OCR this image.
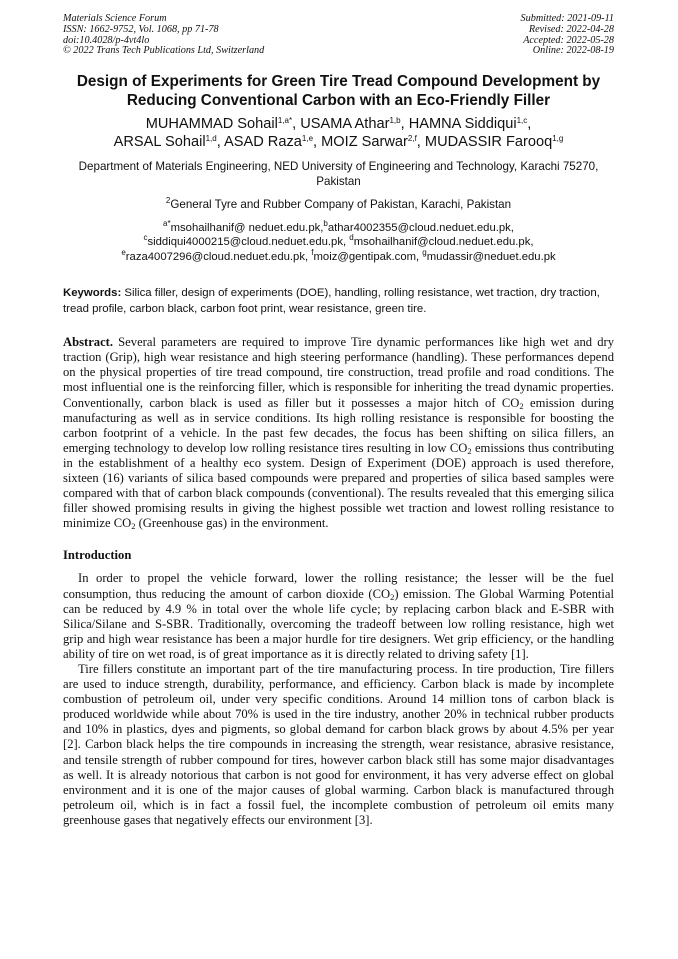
Materials Science Forum
ISSN: 1662-9752, Vol. 1068, pp 71-78
doi:10.4028/p-4vt4lo
© 2022 Trans Tech Publications Ltd, Switzerland
Submitted: 2021-09-11
Revised: 2022-04-28
Accepted: 2022-05-28
Online: 2022-08-19
Design of Experiments for Green Tire Tread Compound Development by
Reducing Conventional Carbon with an Eco-Friendly Filler
MUHAMMAD Sohail$^{1,a*}$, USAMA Athar$^{1,b}$, HAMNA Siddiqui$^{1,c}$,
ARSAL Sohail$^{1,d}$, ASAD Raza$^{1,e}$, MOIZ Sarwar$^{2,f}$, MUDASSIR Farooq$^{1,g}$
Department of Materials Engineering, NED University of Engineering and Technology, Karachi 75270, Pakistan
$^2$General Tyre and Rubber Company of Pakistan, Karachi, Pakistan
$^{a*}$msohailhanif@ neduet.edu.pk,$^b$athar4002355@cloud.neduet.edu.pk,
$^c$siddiqui4000215@cloud.neduet.edu.pk, $^d$msohailhanif@cloud.neduet.edu.pk,
$^e$raza4007296@cloud.neduet.edu.pk, $^f$moiz@gentipak.com, $^g$mudassir@neduet.edu.pk
Keywords: Silica filler, design of experiments (DOE), handling, rolling resistance, wet traction, dry traction, tread profile, carbon black, carbon foot print, wear resistance, green tire.
Abstract. Several parameters are required to improve Tire dynamic performances like high wet and dry traction (Grip), high wear resistance and high steering performance (handling). These performances depend on the physical properties of tire tread compound, tire construction, tread profile and road conditions. The most influential one is the reinforcing filler, which is responsible for inheriting the tread dynamic properties. Conventionally, carbon black is used as filler but it possesses a major hitch of $CO_2$ emission during manufacturing as well as in service conditions. Its high rolling resistance is responsible for boosting the carbon footprint of a vehicle. In the past few decades, the focus has been shifting on silica fillers, an emerging technology to develop low rolling resistance tires resulting in low $CO_2$ emissions thus contributing in the establishment of a healthy eco system. Design of Experiment (DOE) approach is used therefore, sixteen (16) variants of silica based compounds were prepared and properties of silica based samples were compared with that of carbon black compounds (conventional). The results revealed that this emerging silica filler showed promising results in giving the highest possible wet traction and lowest rolling resistance to minimize $CO_2$ (Greenhouse gas) in the environment.
Introduction
In order to propel the vehicle forward, lower the rolling resistance; the lesser will be the fuel consumption, thus reducing the amount of carbon dioxide $(CO_2)$ emission. The Global Warming Potential can be reduced by 4.9 % in total over the whole life cycle; by replacing carbon black and E-SBR with Silica/Silane and S-SBR. Traditionally, overcoming the tradeoff between low rolling resistance, high wet grip and high wear resistance has been a major hurdle for tire designers. Wet grip efficiency, or the handling ability of tire on wet road, is of great importance as it is directly related to driving safety [1].
Tire fillers constitute an important part of the tire manufacturing process. In tire production, Tire fillers are used to induce strength, durability, performance, and efficiency. Carbon black is made by incomplete combustion of petroleum oil, under very specific conditions. Around 14 million tons of carbon black is produced worldwide while about 70% is used in the tire industry, another 20% in technical rubber products and 10% in plastics, dyes and pigments, so global demand for carbon black grows by about 4.5% per year [2]. Carbon black helps the tire compounds in increasing the strength, wear resistance, abrasive resistance, and tensile strength of rubber compound for tires, however carbon black still has some major disadvantages as well. It is already notorious that carbon is not good for environment, it has very adverse effect on global environment and it is one of the major causes of global warming. Carbon black is manufactured through petroleum oil, which is in fact a fossil fuel, the incomplete combustion of petroleum oil emits many greenhouse gases that negatively effects our environment [3].
